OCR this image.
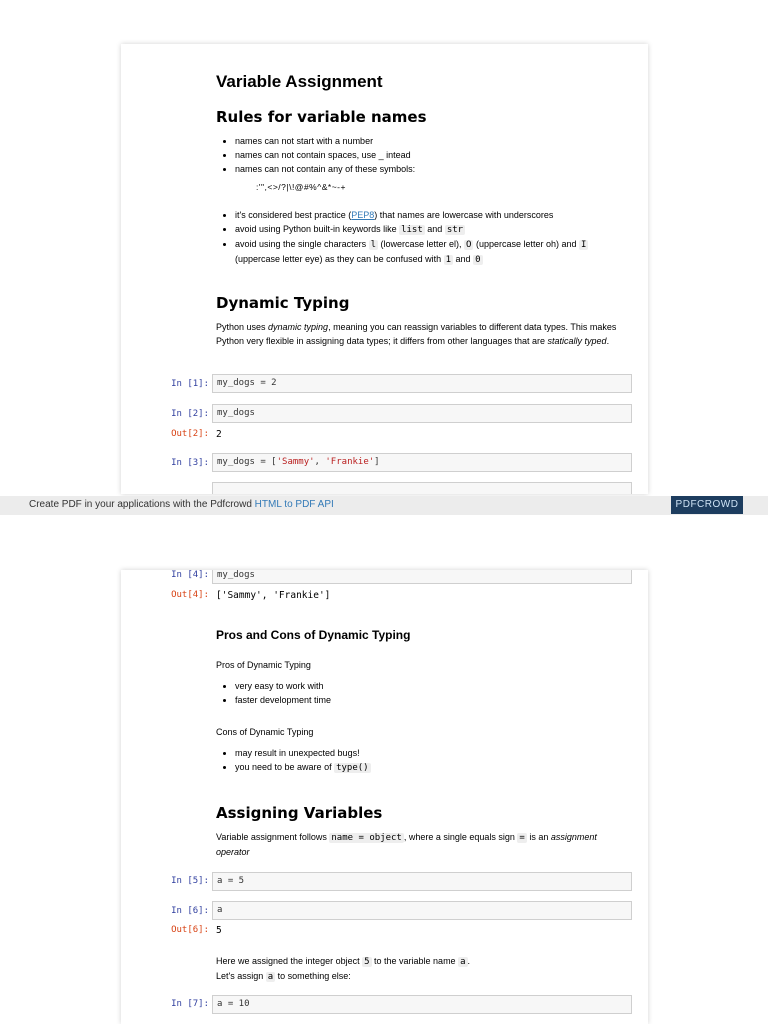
Variable Assignment
Rules for variable names
• names can not start with a number
• names can not contain spaces, use _ intead
• names can not contain any of these symbols:

:'",<>/?|\!@#%^&*~-+

• it's considered best practice (PEP8) that names are lowercase with underscores
• avoid using Python built-in keywords like list and str
• avoid using the single characters l (lowercase letter el), O (uppercase letter oh) and I (uppercase letter eye) as they can be confused with 1 and 0
Dynamic Typing

Python uses dynamic typing, meaning you can reassign variables to different data types. This makes Python very flexible in assigning data types; it differs from other languages that are statically typed.

In [1]: my_dogs = 2
In [2]: my_dogs
Out[2]: 2
In [3]: my_dogs = ['Sammy', 'Frankie']
Create PDF in your applications with the Pdfcrowd HTML to PDF API	PDFCROWD
In [4]: my_dogs
Out[4]: ['Sammy', 'Frankie']
Pros and Cons of Dynamic Typing

Pros of Dynamic Typing

• very easy to work with
• faster development time

Cons of Dynamic Typing

• may result in unexpected bugs!
• you need to be aware of type()
Assigning Variables

Variable assignment follows name = object , where a single equals sign = is an assignment operator

In [5]: a = 5
In [6]: a
Out[6]: 5

Here we assigned the integer object 5 to the variable name a .

Let's assign a to something else:

In [7]: a = 10
